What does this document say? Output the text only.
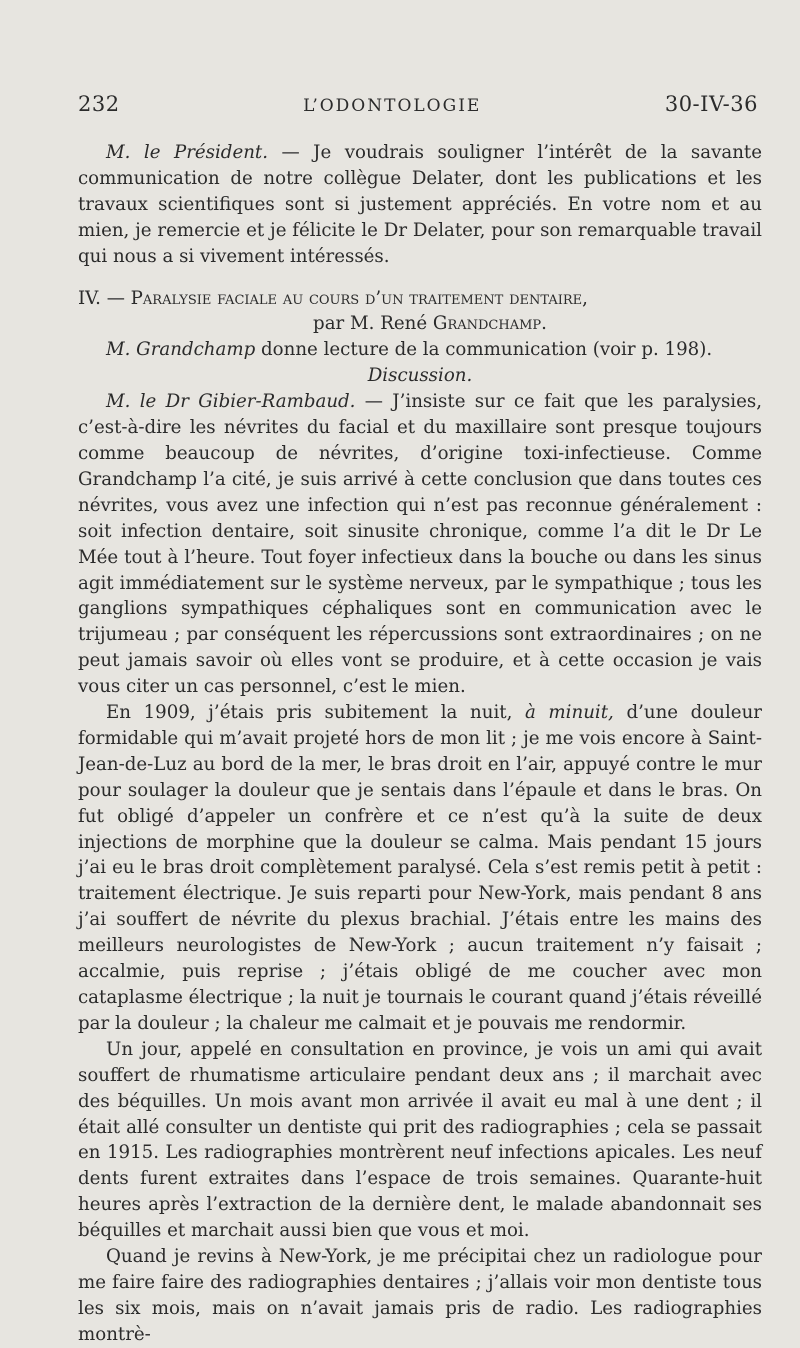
232	L’ODONTOLOGIE	30-IV-36

M. le Président. — Je voudrais souligner l’intérêt de la savante communication de notre collègue Delater, dont les publications et les travaux scientifiques sont si justement appréciés. En votre nom et au mien, je remercie et je félicite le Dr Delater, pour son remarquable travail qui nous a si vivement intéressés.

IV. — Paralysie faciale au cours d’un traitement dentaire,
par M. René Grandchamp.

M. Grandchamp donne lecture de la communication (voir p. 198).

Discussion.

M. le Dr Gibier-Rambaud. — J’insiste sur ce fait que les paralysies, c’est-à-dire les névrites du facial et du maxillaire sont presque toujours comme beaucoup de névrites, d’origine toxi-infectieuse. Comme Grandchamp l’a cité, je suis arrivé à cette conclusion que dans toutes ces névrites, vous avez une infection qui n’est pas reconnue généralement : soit infection dentaire, soit sinusite chronique, comme l’a dit le Dr Le Mée tout à l’heure. Tout foyer infectieux dans la bouche ou dans les sinus agit immédiatement sur le système nerveux, par le sympathique ; tous les ganglions sympathiques céphaliques sont en communication avec le trijumeau ; par conséquent les répercussions sont extraordinaires ; on ne peut jamais savoir où elles vont se produire, et à cette occasion je vais vous citer un cas personnel, c’est le mien.

En 1909, j’étais pris subitement la nuit, à minuit, d’une douleur formidable qui m’avait projeté hors de mon lit ; je me vois encore à Saint-Jean-de-Luz au bord de la mer, le bras droit en l’air, appuyé contre le mur pour soulager la douleur que je sentais dans l’épaule et dans le bras. On fut obligé d’appeler un confrère et ce n’est qu’à la suite de deux injections de morphine que la douleur se calma. Mais pendant 15 jours j’ai eu le bras droit complètement paralysé. Cela s’est remis petit à petit : traitement électrique. Je suis reparti pour New-York, mais pendant 8 ans j’ai souffert de névrite du plexus brachial. J’étais entre les mains des meilleurs neurologistes de New-York ; aucun traitement n’y faisait ; accalmie, puis reprise ; j’étais obligé de me coucher avec mon cataplasme électrique ; la nuit je tournais le courant quand j’étais réveillé par la douleur ; la chaleur me calmait et je pouvais me rendormir.

Un jour, appelé en consultation en province, je vois un ami qui avait souffert de rhumatisme articulaire pendant deux ans ; il marchait avec des béquilles. Un mois avant mon arrivée il avait eu mal à une dent ; il était allé consulter un dentiste qui prit des radiographies ; cela se passait en 1915. Les radiographies montrèrent neuf infections apicales. Les neuf dents furent extraites dans l’espace de trois semaines. Quarante-huit heures après l’extraction de la dernière dent, le malade abandonnait ses béquilles et marchait aussi bien que vous et moi.

Quand je revins à New-York, je me précipitai chez un radiologue pour me faire faire des radiographies dentaires ; j’allais voir mon dentiste tous les six mois, mais on n’avait jamais pris de radio. Les radiographies montrè-
